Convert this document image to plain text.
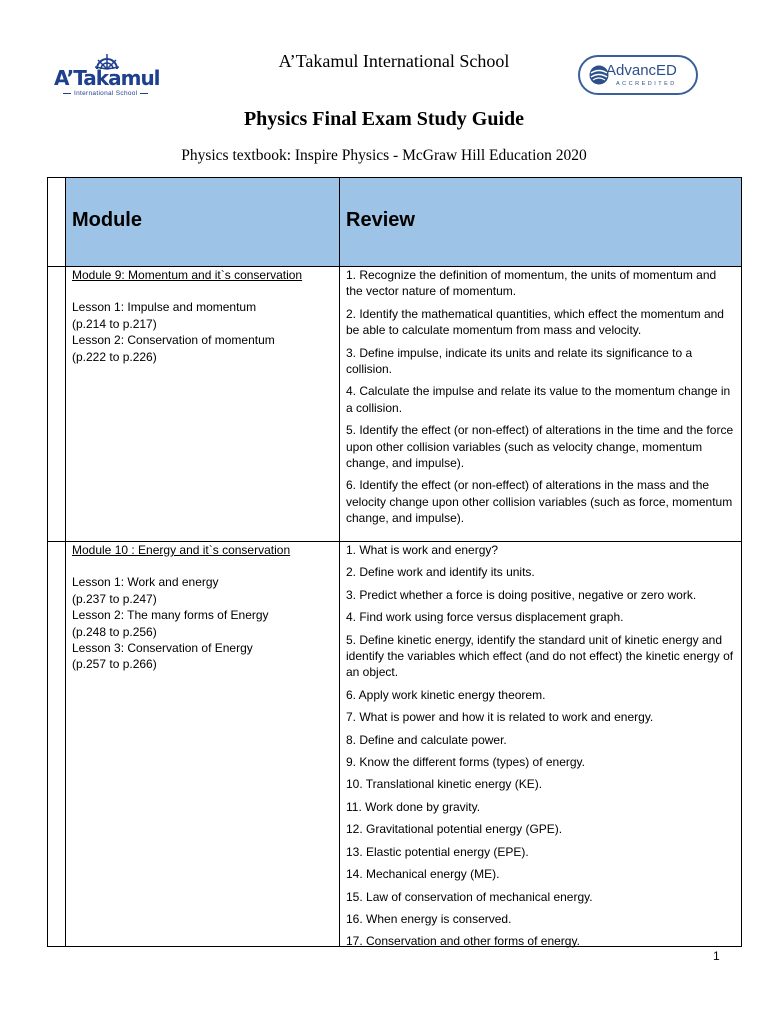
A’Takamul
International School
A’Takamul International School	AdvancED
ACCREDITED
Physics Final Exam Study Guide
Physics textbook: Inspire Physics - McGraw Hill Education 2020
Module	Review
Module 9: Momentum and it`s conservation
Lesson 1: Impulse and momentum
(p.214 to p.217)
Lesson 2: Conservation of momentum
(p.222 to p.226)

1. Recognize the definition of momentum, the units of momentum and the vector nature of momentum.

2. Identify the mathematical quantities, which effect the momentum and be able to calculate momentum from mass and velocity.

3. Define impulse, indicate its units and relate its significance to a collision.

4. Calculate the impulse and relate its value to the momentum change in a collision.

5. Identify the effect (or non-effect) of alterations in the time and the force upon other collision variables (such as velocity change, momentum change, and impulse).

6. Identify the effect (or non-effect) of alterations in the mass and the velocity change upon other collision variables (such as force, momentum change, and impulse).

Module 10 : Energy and it`s conservation
Lesson 1: Work and energy
(p.237 to p.247)
Lesson 2: The many forms of Energy
(p.248 to p.256)
Lesson 3: Conservation of Energy
(p.257 to p.266)

1. What is work and energy?

2. Define work and identify its units.

3. Predict whether a force is doing positive, negative or zero work.

4. Find work using force versus displacement graph.

5. Define kinetic energy, identify the standard unit of kinetic energy and identify the variables which effect (and do not effect) the kinetic energy of an object.

6. Apply work kinetic energy theorem.

7. What is power and how it is related to work and energy.

8. Define and calculate power.

9. Know the different forms (types) of energy.

10. Translational kinetic energy (KE).

11. Work done by gravity.

12. Gravitational potential energy (GPE).

13. Elastic potential energy (EPE).

14. Mechanical energy (ME).

15. Law of conservation of mechanical energy.

16. When energy is conserved.

17. Conservation and other forms of energy.

1
